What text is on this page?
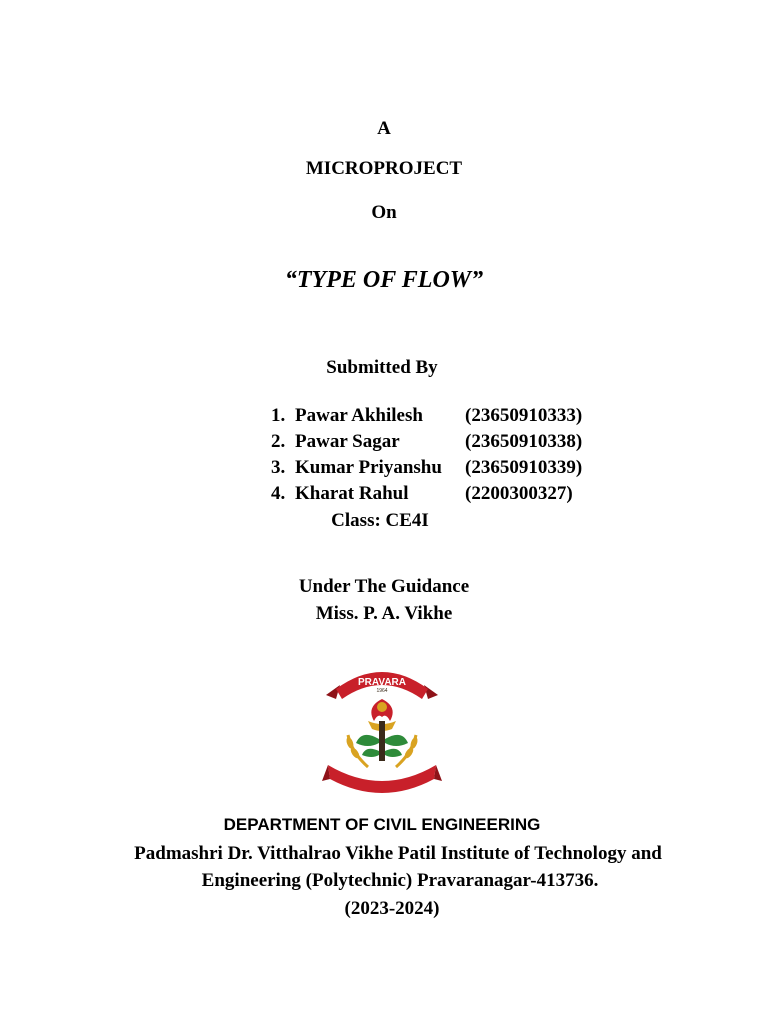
A
MICROPROJECT
On
“TYPE OF FLOW”
Submitted By
1. Pawar Akhilesh (23650910333)
2. Pawar Sagar	(23650910338)
3. Kumar Priyanshu (23650910339)
4. Kharat Rahul	(2200300327)
Class: CE4I
Under The Guidance
Miss. P. A. Vikhe
PRAVARA
1964
DEPARTMENT OF CIVIL ENGINEERING
Padmashri Dr. Vitthalrao Vikhe Patil Institute of Technology and
Engineering (Polytechnic) Pravaranagar-413736.
(2023-2024)
